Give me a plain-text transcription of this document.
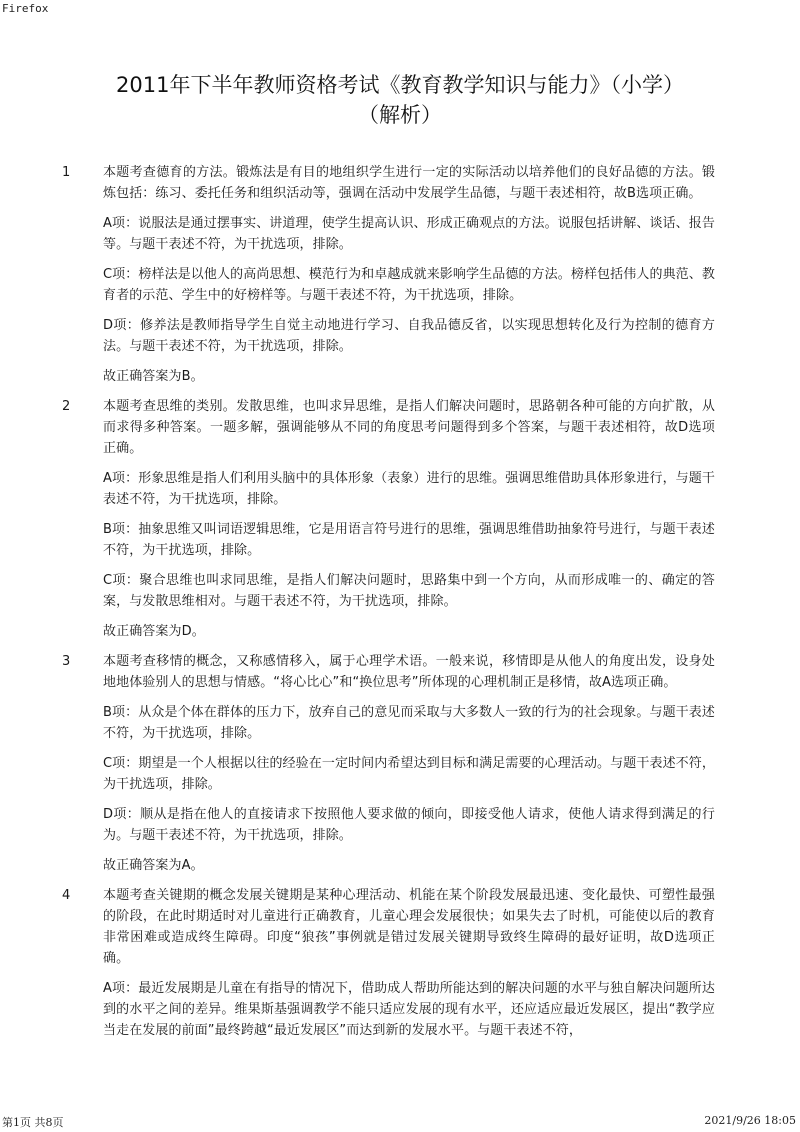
Firefox
2011年下半年教师资格考试《教育教学知识与能力》（小学）
（解析）
1	本题考查德育的方法。锻炼法是有目的地组织学生进行一定的实际活动以培养他们的良好品德的方法。锻炼包括：练习、委托任务和组织活动等，强调在活动中发展学生品德，与题干表述相符，故B选项正确。

A项：说服法是通过摆事实、讲道理，使学生提高认识、形成正确观点的方法。说服包括讲解、谈话、报告等。与题干表述不符，为干扰选项，排除。

C项：榜样法是以他人的高尚思想、模范行为和卓越成就来影响学生品德的方法。榜样包括伟人的典范、教育者的示范、学生中的好榜样等。与题干表述不符，为干扰选项，排除。

D项：修养法是教师指导学生自觉主动地进行学习、自我品德反省，以实现思想转化及行为控制的德育方法。与题干表述不符，为干扰选项，排除。

故正确答案为B。

2	本题考查思维的类别。发散思维，也叫求异思维，是指人们解决问题时，思路朝各种可能的方向扩散，从而求得多种答案。一题多解，强调能够从不同的角度思考问题得到多个答案，与题干表述相符，故D选项正确。

A项：形象思维是指人们利用头脑中的具体形象（表象）进行的思维。强调思维借助具体形象进行，与题干表述不符，为干扰选项，排除。

B项：抽象思维又叫词语逻辑思维，它是用语言符号进行的思维，强调思维借助抽象符号进行，与题干表述不符，为干扰选项，排除。

C项：聚合思维也叫求同思维，是指人们解决问题时，思路集中到一个方向，从而形成唯一的、确定的答案，与发散思维相对。与题干表述不符，为干扰选项，排除。

故正确答案为D。

3	本题考查移情的概念，又称感情移入，属于心理学术语。一般来说，移情即是从他人的角度出发，设身处地地体验别人的思想与情感。“将心比心”和“换位思考”所体现的心理机制正是移情，故A选项正确。

B项：从众是个体在群体的压力下，放弃自己的意见而采取与大多数人一致的行为的社会现象。与题干表述不符，为干扰选项，排除。

C项：期望是一个人根据以往的经验在一定时间内希望达到目标和满足需要的心理活动。与题干表述不符，为干扰选项，排除。

D项：顺从是指在他人的直接请求下按照他人要求做的倾向，即接受他人请求，使他人请求得到满足的行为。与题干表述不符，为干扰选项，排除。

故正确答案为A。

4	本题考查关键期的概念发展关键期是某种心理活动、机能在某个阶段发展最迅速、变化最快、可塑性最强的阶段，在此时期适时对儿童进行正确教育，儿童心理会发展很快；如果失去了时机，可能使以后的教育非常困难或造成终生障碍。印度“狼孩”事例就是错过发展关键期导致终生障碍的最好证明，故D选项正确。

A项：最近发展期是儿童在有指导的情况下，借助成人帮助所能达到的解决问题的水平与独自解决问题所达到的水平之间的差异。维果斯基强调教学不能只适应发展的现有水平，还应适应最近发展区，提出“教学应当走在发展的前面”最终跨越“最近发展区”而达到新的发展水平。与题干表述不符，

第1页 共8页	2021/9/26 18:05
